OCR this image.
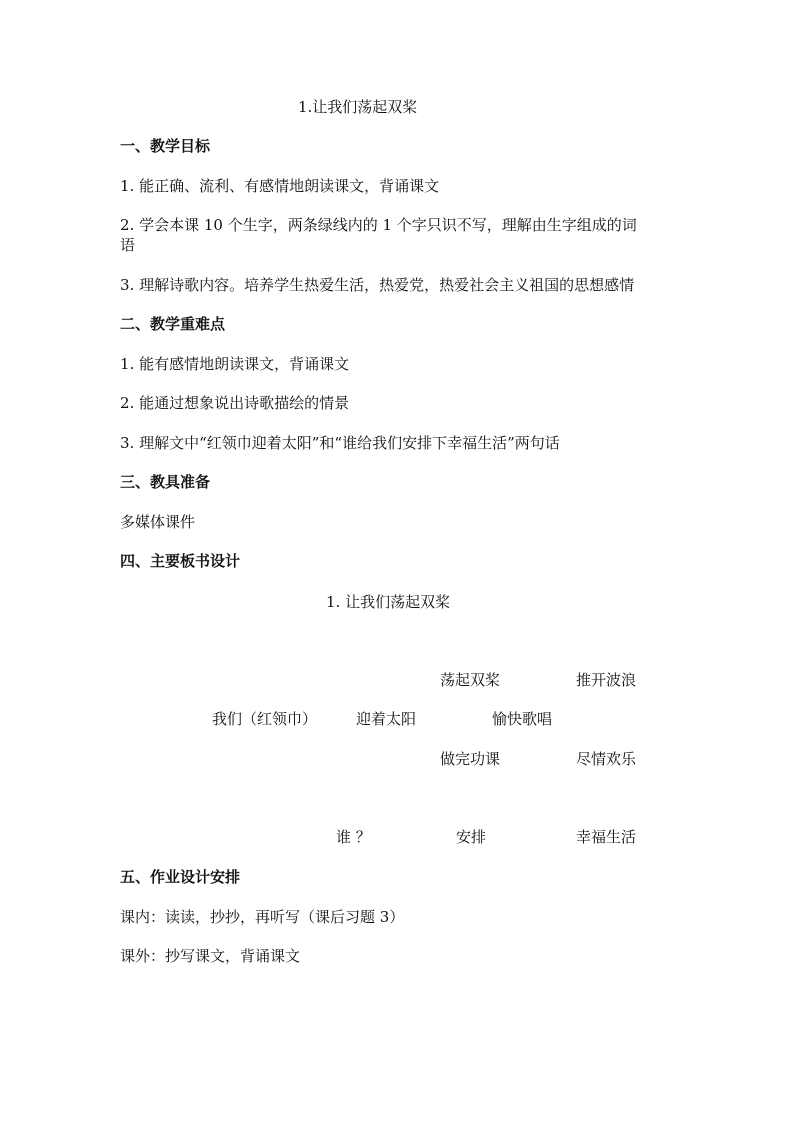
1.让我们荡起双桨
一、教学目标
1. 能正确、流利、有感情地朗读课文，背诵课文
2. 学会本课 10 个生字，两条绿线内的 1 个字只识不写，理解由生字组成的词
语
3. 理解诗歌内容。培养学生热爱生活，热爱党，热爱社会主义祖国的思想感情
二、教学重难点
1. 能有感情地朗读课文，背诵课文
2. 能通过想象说出诗歌描绘的情景
3. 理解文中“红领巾迎着太阳”和“谁给我们安排下幸福生活”两句话
三、教具准备
多媒体课件
四、主要板书设计
1. 让我们荡起双桨
荡起双桨	推开波浪
我们（红领巾）	迎着太阳	愉快歌唱
做完功课	尽情欢乐
谁 ？	安排	幸福生活
五、作业设计安排
课内：读读，抄抄，再听写（课后习题 3）
课外：抄写课文，背诵课文
